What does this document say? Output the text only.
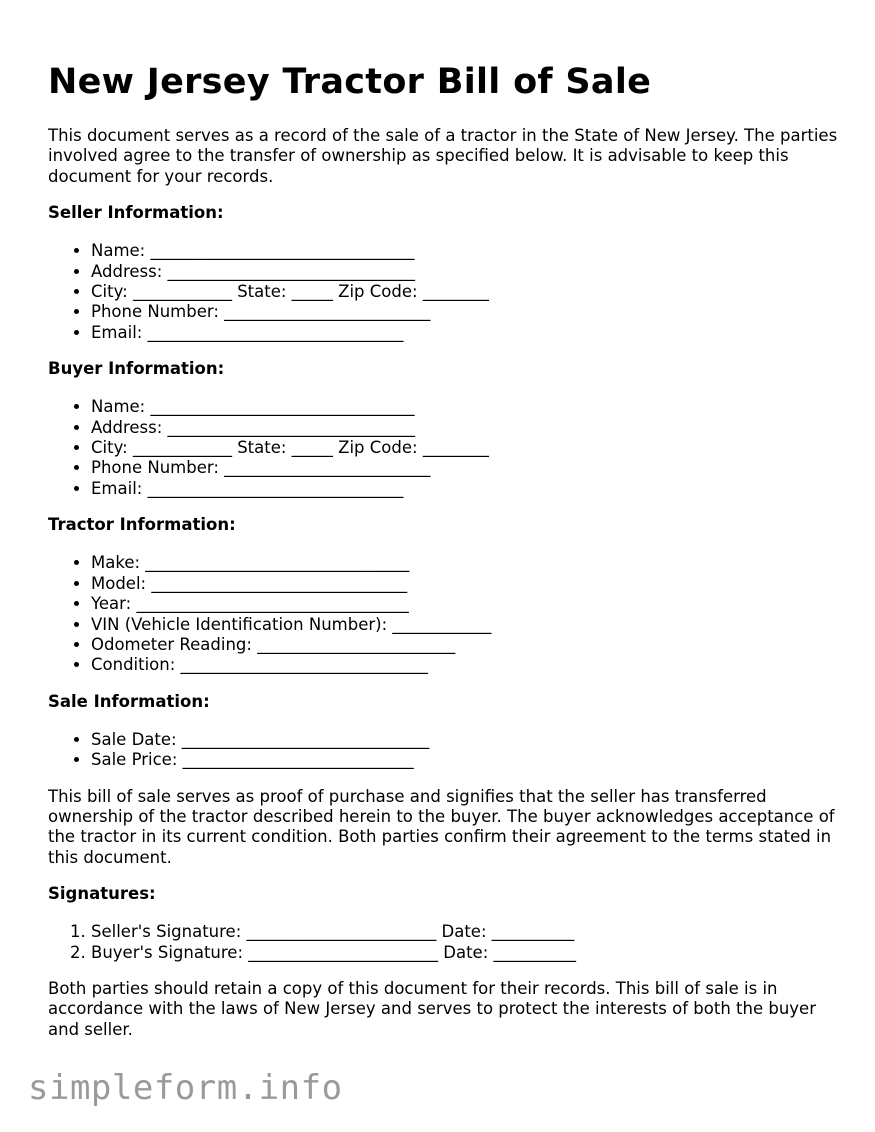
New Jersey Tractor Bill of Sale

This document serves as a record of the sale of a tractor in the State of New Jersey. The parties involved agree to the transfer of ownership as specified below. It is advisable to keep this document for your records.

Seller Information:
• Name: ________________________________
• Address: ______________________________
• City: ____________ State: _____ Zip Code: ________
• Phone Number: _________________________
• Email: _______________________________
Buyer Information:
• Name: ________________________________
• Address: ______________________________
• City: ____________ State: _____ Zip Code: ________
• Phone Number: _________________________
• Email: _______________________________
Tractor Information:
• Make: ________________________________
• Model: _______________________________
• Year: _________________________________
• VIN (Vehicle Identification Number): ____________
• Odometer Reading: ________________________
• Condition: ______________________________
Sale Information:
• Sale Date: ______________________________
• Sale Price: ____________________________

This bill of sale serves as proof of purchase and signifies that the seller has transferred ownership of the tractor described herein to the buyer. The buyer acknowledges acceptance of the tractor in its current condition. Both parties confirm their agreement to the terms stated in this document.

Signatures:
1. Seller's Signature: _______________________ Date: __________
2. Buyer's Signature: _______________________ Date: __________

Both parties should retain a copy of this document for their records. This bill of sale is in accordance with the laws of New Jersey and serves to protect the interests of both the buyer and seller.

simpleform.info
